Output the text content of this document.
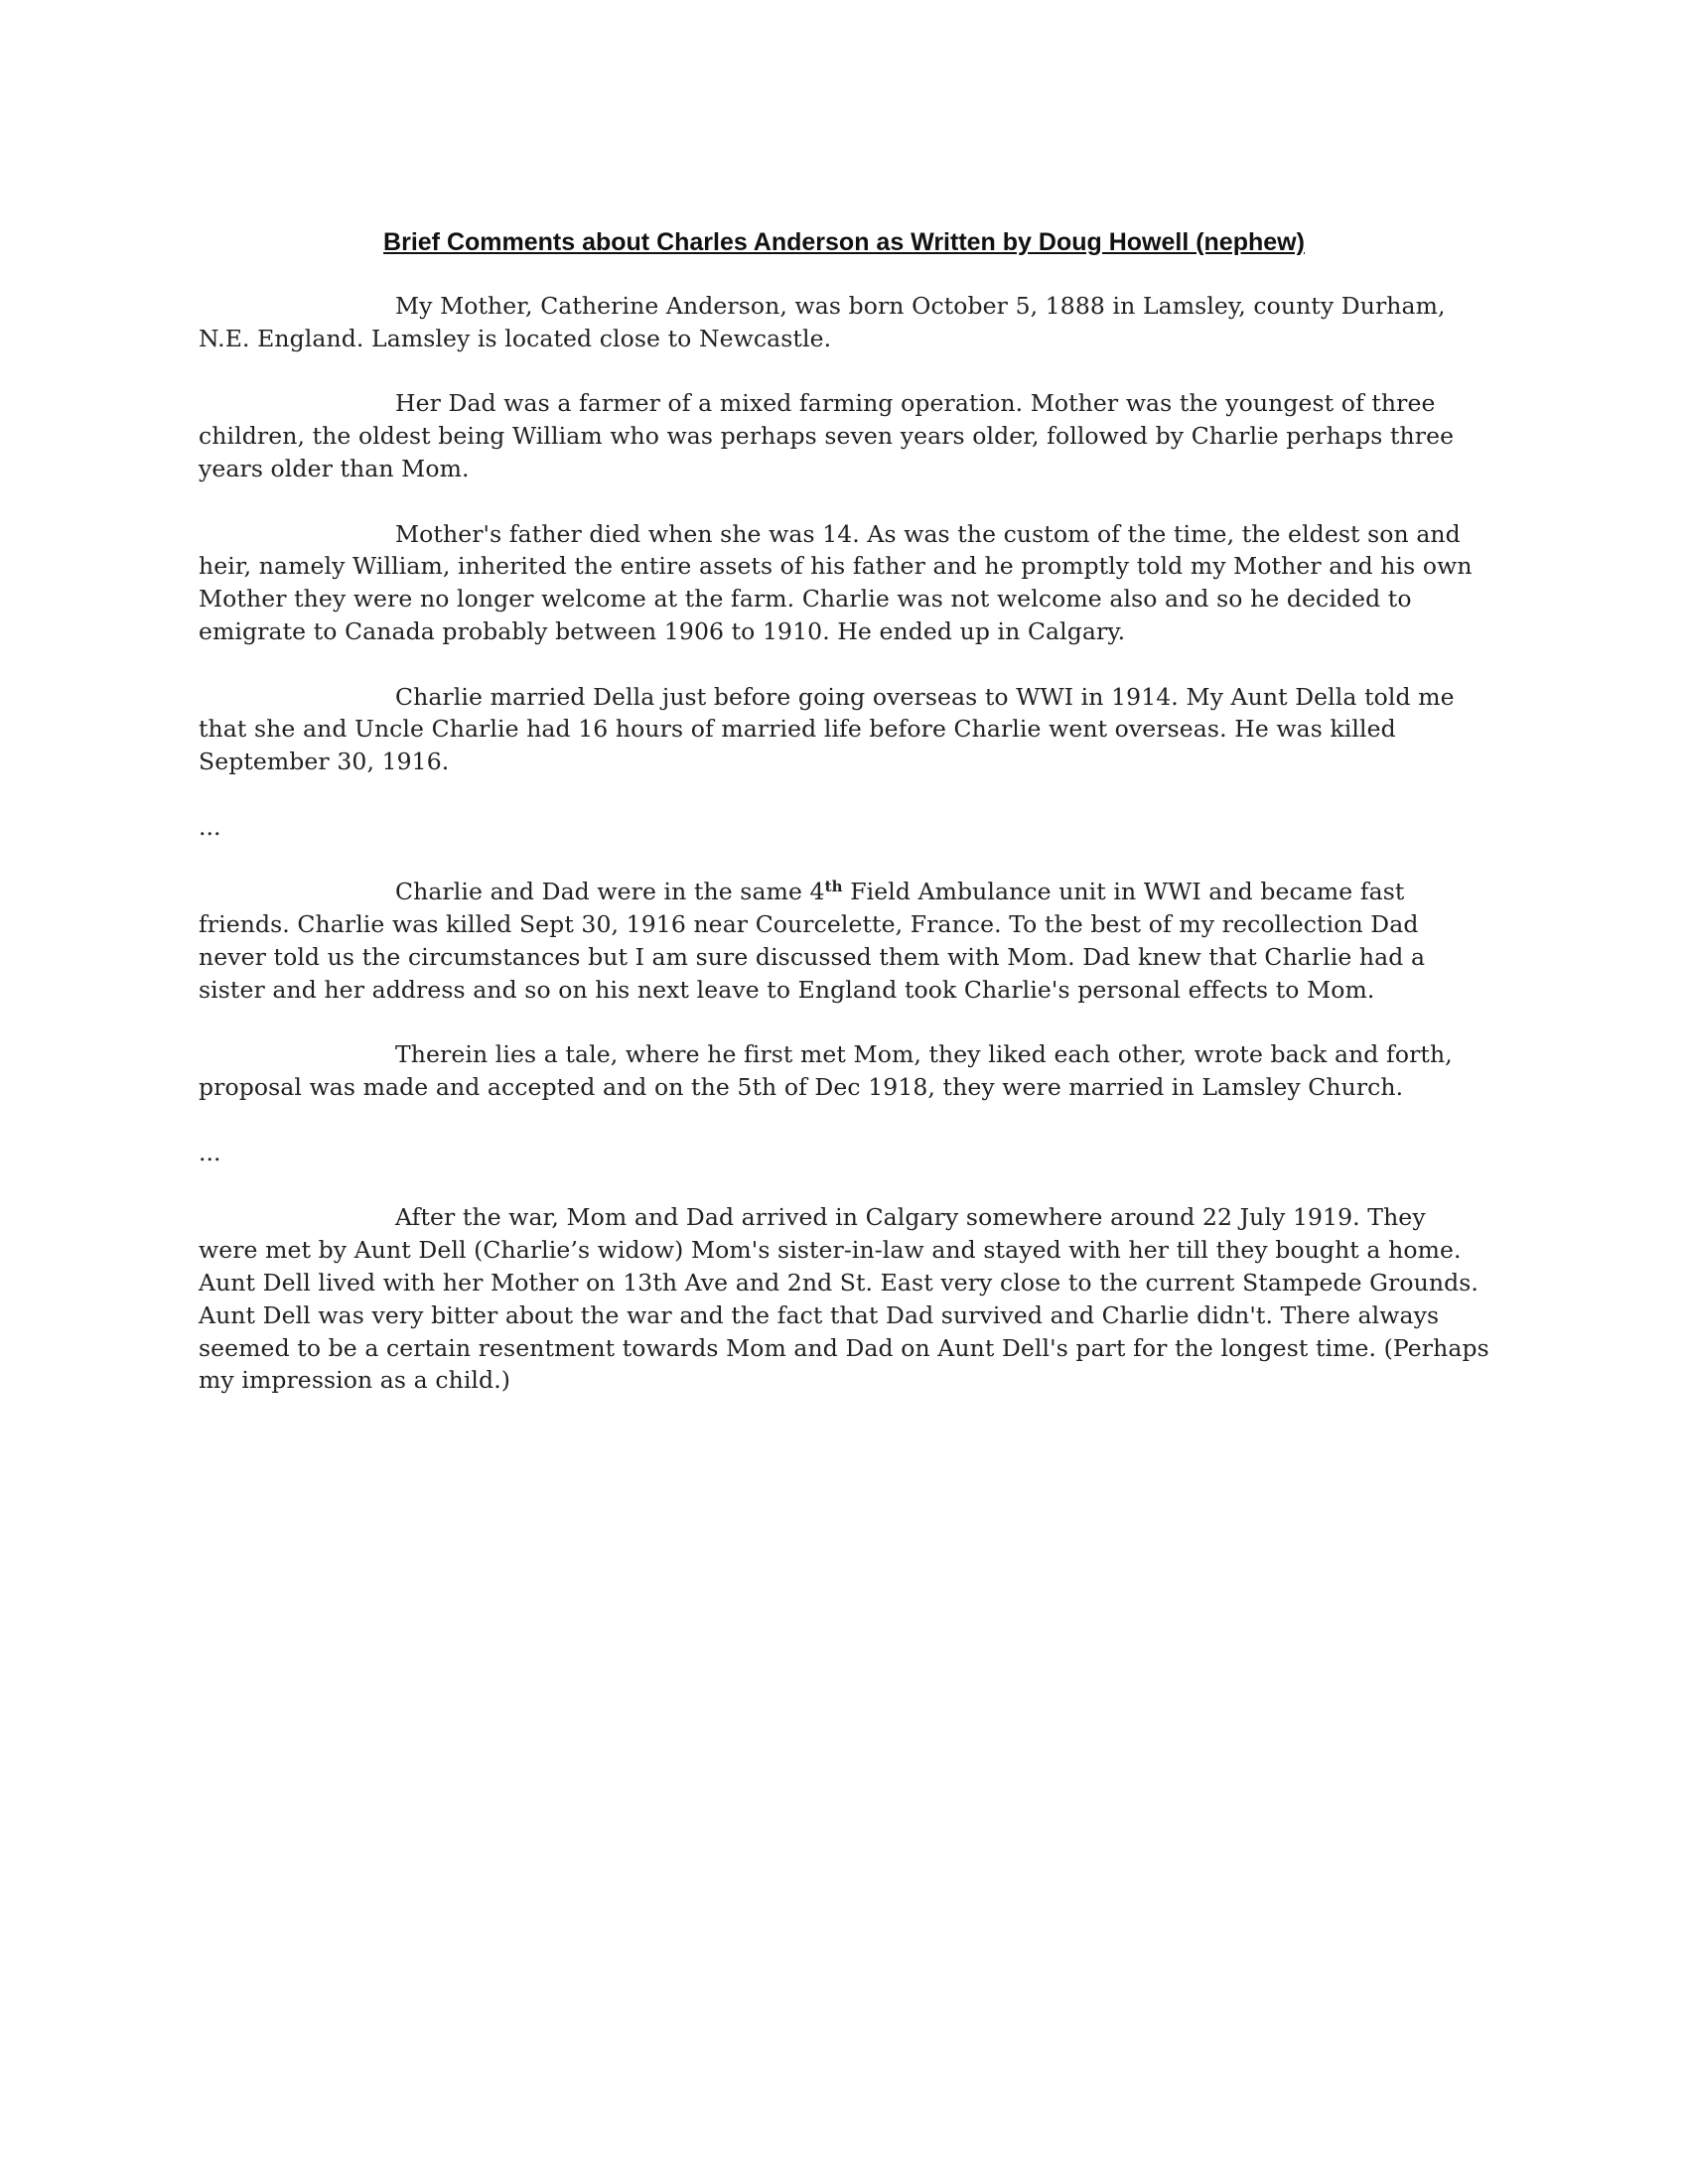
Brief Comments about Charles Anderson as Written by Doug Howell (nephew)

My Mother, Catherine Anderson, was born October 5, 1888 in Lamsley, county Durham, N.E. England. Lamsley is located close to Newcastle.

Her Dad was a farmer of a mixed farming operation. Mother was the youngest of three children, the oldest being William who was perhaps seven years older, followed by Charlie perhaps three years older than Mom.

Mother's father died when she was 14. As was the custom of the time, the eldest son and heir, namely William, inherited the entire assets of his father and he promptly told my Mother and his own Mother they were no longer welcome at the farm. Charlie was not welcome also and so he decided to emigrate to Canada probably between 1906 to 1910. He ended up in Calgary.

Charlie married Della just before going overseas to WWI in 1914. My Aunt Della told me that she and Uncle Charlie had 16 hours of married life before Charlie went overseas. He was killed September 30, 1916.

...

Charlie and Dad were in the same 4th Field Ambulance unit in WWI and became fast friends. Charlie was killed Sept 30, 1916 near Courcelette, France. To the best of my recollection Dad never told us the circumstances but I am sure discussed them with Mom. Dad knew that Charlie had a sister and her address and so on his next leave to England took Charlie's personal effects to Mom.

Therein lies a tale, where he first met Mom, they liked each other, wrote back and forth, proposal was made and accepted and on the 5th of Dec 1918, they were married in Lamsley Church.

...

After the war, Mom and Dad arrived in Calgary somewhere around 22 July 1919. They were met by Aunt Dell (Charlie’s widow) Mom's sister-in-law and stayed with her till they bought a home. Aunt Dell lived with her Mother on 13th Ave and 2nd St. East very close to the current Stampede Grounds. Aunt Dell was very bitter about the war and the fact that Dad survived and Charlie didn't. There always seemed to be a certain resentment towards Mom and Dad on Aunt Dell's part for the longest time. (Perhaps my impression as a child.)
